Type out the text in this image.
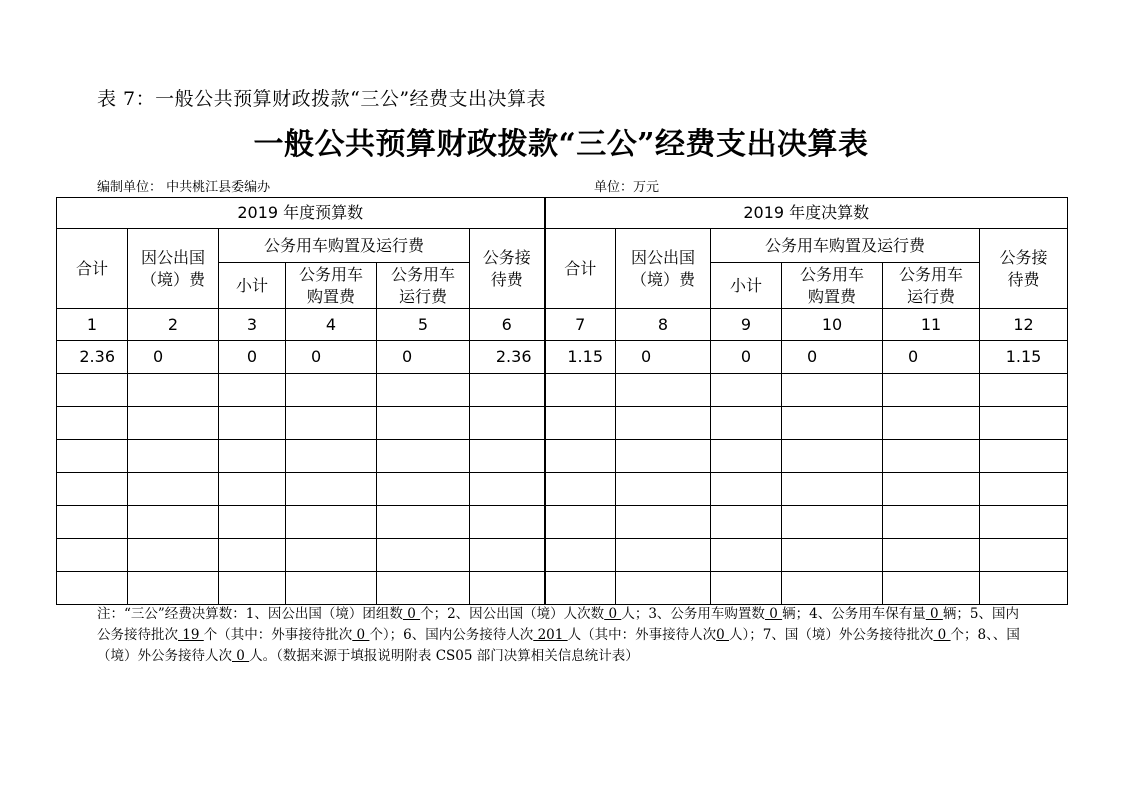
表 7：一般公共预算财政拨款“三公”经费支出决算表
一般公共预算财政拨款“三公”经费支出决算表
编制单位： 中共桃江县委编办	单位：万元
2019 年度预算数						2019 年度决算数					
合计	因公出国（境）费	公务用车购置及运行费			公务接待费	合计	因公出国（境）费	公务用车购置及运行费			公务接待费

		小计	公务用车购置费	公务用车运行费				小计	公务用车购置费	公务用车运行费	

1	2	3	4	5	6	7	8	9	10	11	12
2.36	0	0	0	0	2.36	1.15	0	0	0	0	1.15

注：“三公”经费决算数：1、因公出国（境）团组数 0 个；2、因公出国（境）人次数 0 人；3、公务用车购置数 0 辆；4、公务用车保有量 0 辆；5、国内公务接待批次 19 个（其中：外事接待批次 0 个）；6、国内公务接待人次 201 人（其中：外事接待人次0 人）；7、国（境）外公务接待批次 0 个；8、、国（境）外公务接待人次 0 人。（数据来源于填报说明附表 CS05 部门决算相关信息统计表）
